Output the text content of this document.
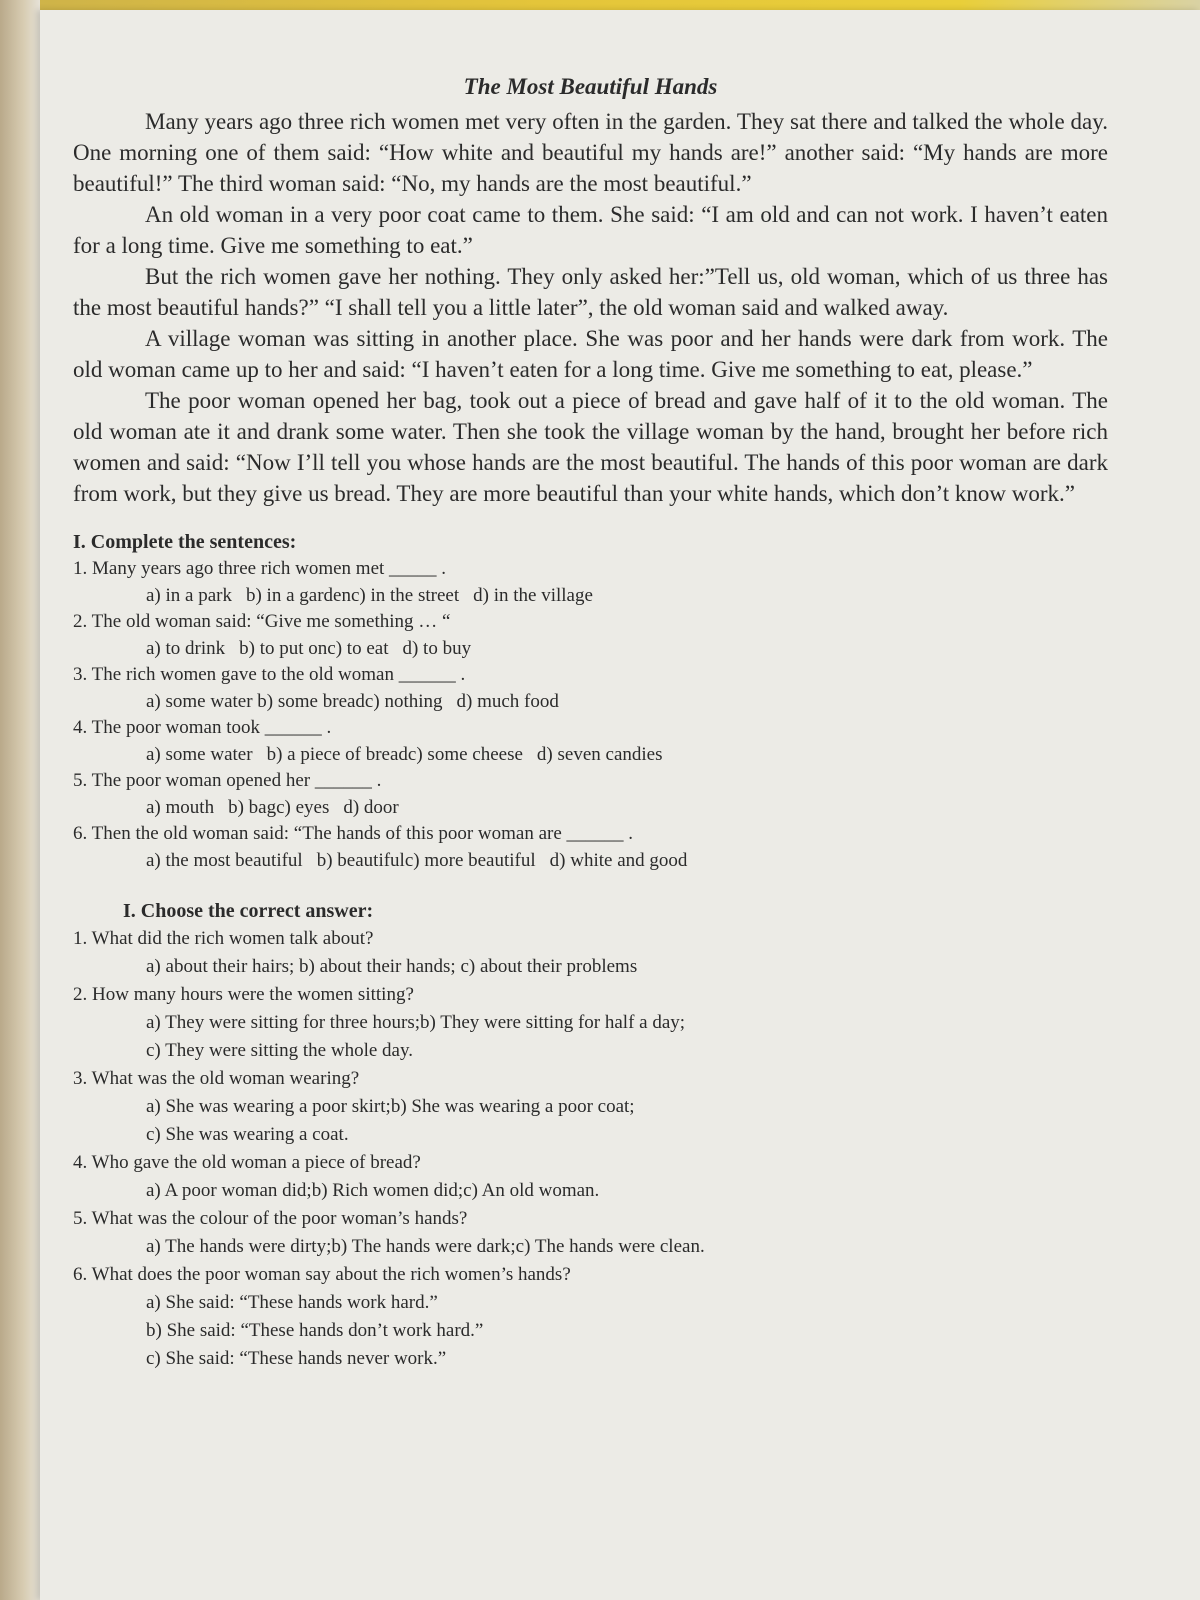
The Most Beautiful Hands

Many years ago three rich women met very often in the garden. They sat there and talked the whole day. One morning one of them said: “How white and beautiful my hands are!” another said: “My hands are more beautiful!” The third woman said: “No, my hands are the most beautiful.”

An old woman in a very poor coat came to them. She said: “I am old and can not work. I haven’t eaten for a long time. Give me something to eat.”

But the rich women gave her nothing. They only asked her:”Tell us, old woman, which of us three has the most beautiful hands?” “I shall tell you a little later”, the old woman said and walked away.

A village woman was sitting in another place. She was poor and her hands were dark from work. The old woman came up to her and said: “I haven’t eaten for a long time. Give me something to eat, please.”

The poor woman opened her bag, took out a piece of bread and gave half of it to the old woman. The old woman ate it and drank some water. Then she took the village woman by the hand, brought her before rich women and said: “Now I’ll tell you whose hands are the most beautiful. The hands of this poor woman are dark from work, but they give us bread. They are more beautiful than your white hands, which don’t know work.”

I. Complete the sentences:

1. Many years ago three rich women met _____ .

a) in a park b) in a gardenc) in the street d) in the village

2. The old woman said: “Give me something … “

a) to drink b) to put onc) to eat d) to buy

3. The rich women gave to the old woman ______ .

a) some water b) some breadc) nothing d) much food

4. The poor woman took ______ .

a) some water b) a piece of breadc) some cheese d) seven candies

5. The poor woman opened her ______ .

a) mouth b) bagc) eyes d) door

6. Then the old woman said: “The hands of this poor woman are ______ .

a) the most beautiful b) beautifulc) more beautiful d) white and good

I. Choose the correct answer:

1. What did the rich women talk about?

a) about their hairs; b) about their hands; c) about their problems

2. How many hours were the women sitting?

a) They were sitting for three hours;b) They were sitting for half a day;

c) They were sitting the whole day.

3. What was the old woman wearing?

a) She was wearing a poor skirt;b) She was wearing a poor coat;

c) She was wearing a coat.

4. Who gave the old woman a piece of bread?

a) A poor woman did;b) Rich women did;c) An old woman.

5. What was the colour of the poor woman’s hands?

a) The hands were dirty;b) The hands were dark;c) The hands were clean.

6. What does the poor woman say about the rich women’s hands?

a) She said: “These hands work hard.”

b) She said: “These hands don’t work hard.”

c) She said: “These hands never work.”
